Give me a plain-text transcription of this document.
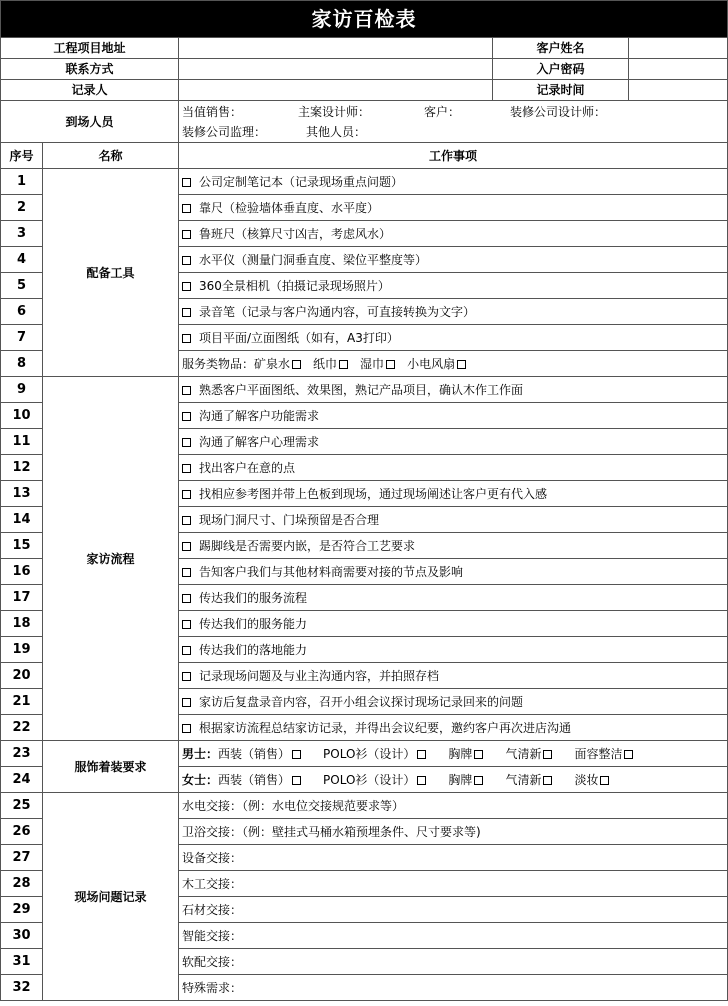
家访百检表				
工程项目地址			客户姓名	
联系方式			入户密码	
记录人			记录时间	
到场人员		当值销售： 主案设计师： 客户： 装修公司设计师：
装修公司监理： 其他人员：		

序号	名称	工作事项		
1	配备工具	公司定制笔记本（记录现场重点问题）		
2		靠尺（检验墙体垂直度、水平度）		
3		鲁班尺（核算尺寸凶吉，考虑风水）		
4		水平仪（测量门洞垂直度、梁位平整度等）		
5		360全景相机（拍摄记录现场照片）		
6		录音笔（记录与客户沟通内容，可直接转换为文字）		
7		项目平面/立面图纸（如有，A3打印）		
8		服务类物品：矿泉水 纸巾 湿巾 小电风扇		
9	家访流程	熟悉客户平面图纸、效果图，熟记产品项目，确认木作工作面		
10		沟通了解客户功能需求		
11		沟通了解客户心理需求		
12		找出客户在意的点		
13		找相应参考图并带上色板到现场，通过现场阐述让客户更有代入感		
14		现场门洞尺寸、门垛预留是否合理		
15		踢脚线是否需要内嵌，是否符合工艺要求		
16		告知客户我们与其他材料商需要对接的节点及影响		
17		传达我们的服务流程		
18		传达我们的服务能力		
19		传达我们的落地能力		
20		记录现场问题及与业主沟通内容，并拍照存档		
21		家访后复盘录音内容，召开小组会议探讨现场记录回来的问题		
22		根据家访流程总结家访记录，并得出会议纪要，邀约客户再次进店沟通		
23	服饰着装要求	男士：西装（销售） POLO衫（设计） 胸牌 气清新 面容整洁		
24		女士：西装（销售） POLO衫（设计） 胸牌 气清新 淡妆		
25	现场问题记录	水电交接：（例：水电位交接规范要求等）		
26		卫浴交接：（例：壁挂式马桶水箱预埋条件、尺寸要求等)		
27		设备交接：		
28		木工交接：		
29		石材交接：		
30		智能交接：		
31		软配交接：		
32		特殊需求：		
